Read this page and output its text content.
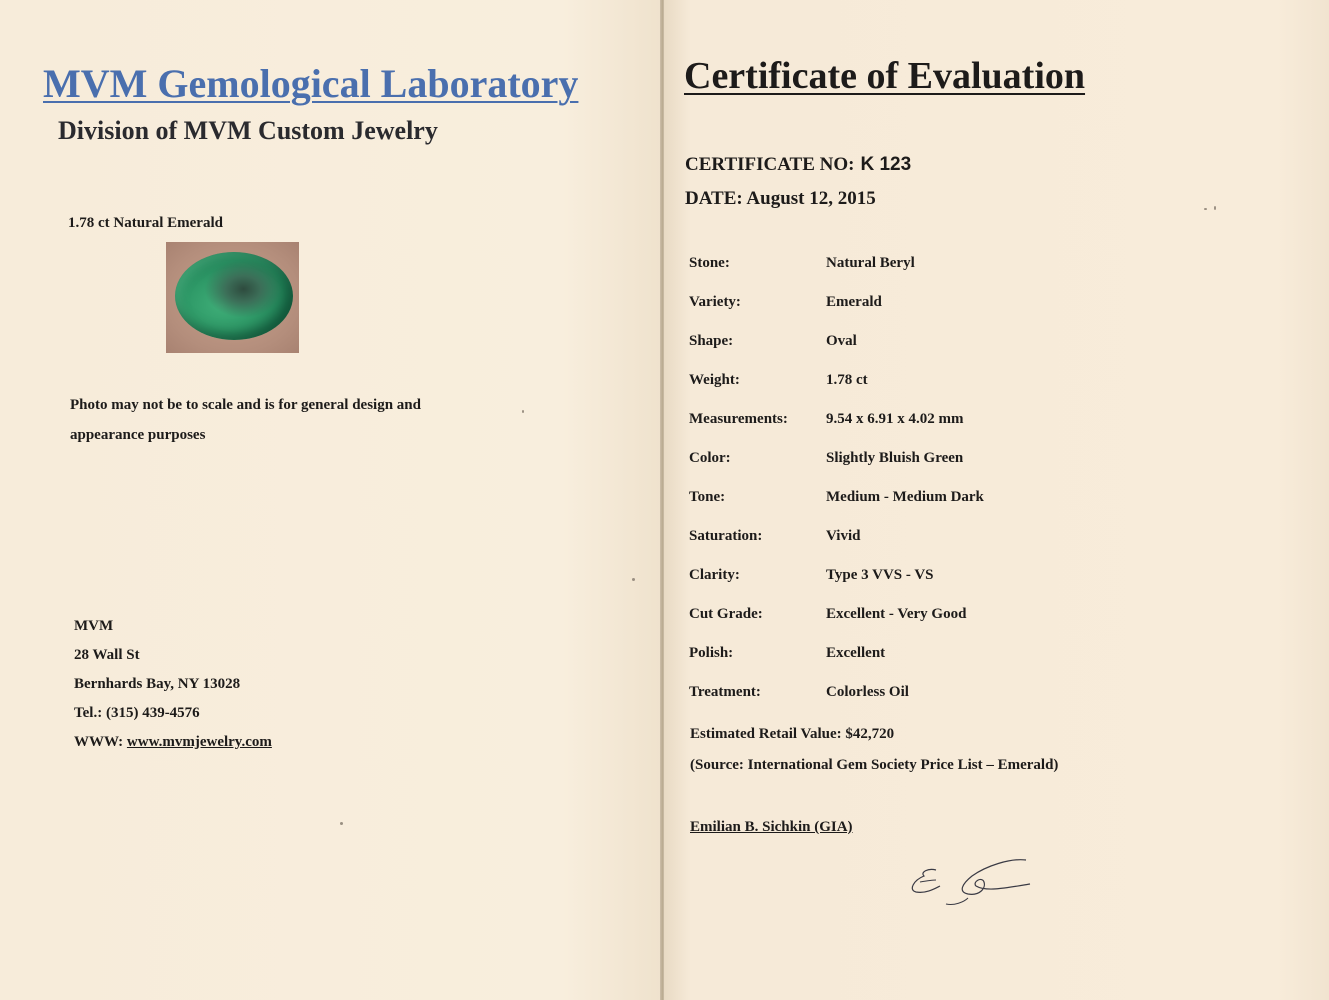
MVM Gemological Laboratory
Division of MVM Custom Jewelry
1.78 ct Natural Emerald
Photo may not be to scale and is for general design and appearance purposes
MVM
28 Wall St
Bernhards Bay, NY 13028
Tel.: (315) 439-4576
WWW: www.mvmjewelry.com
Certificate of Evaluation
CERTIFICATE NO: K 123
DATE: August 12, 2015
Stone:	Natural Beryl
Variety:	Emerald
Shape:	Oval
Weight:	1.78 ct
Measurements:	9.54 x 6.91 x 4.02 mm
Color:	Slightly Bluish Green
Tone:	Medium - Medium Dark
Saturation:	Vivid
Clarity:	Type 3 VVS - VS
Cut Grade:	Excellent - Very Good
Polish:	Excellent
Treatment:	Colorless Oil
Estimated Retail Value: $42,720
(Source: International Gem Society Price List – Emerald)
Emilian B. Sichkin (GIA)
